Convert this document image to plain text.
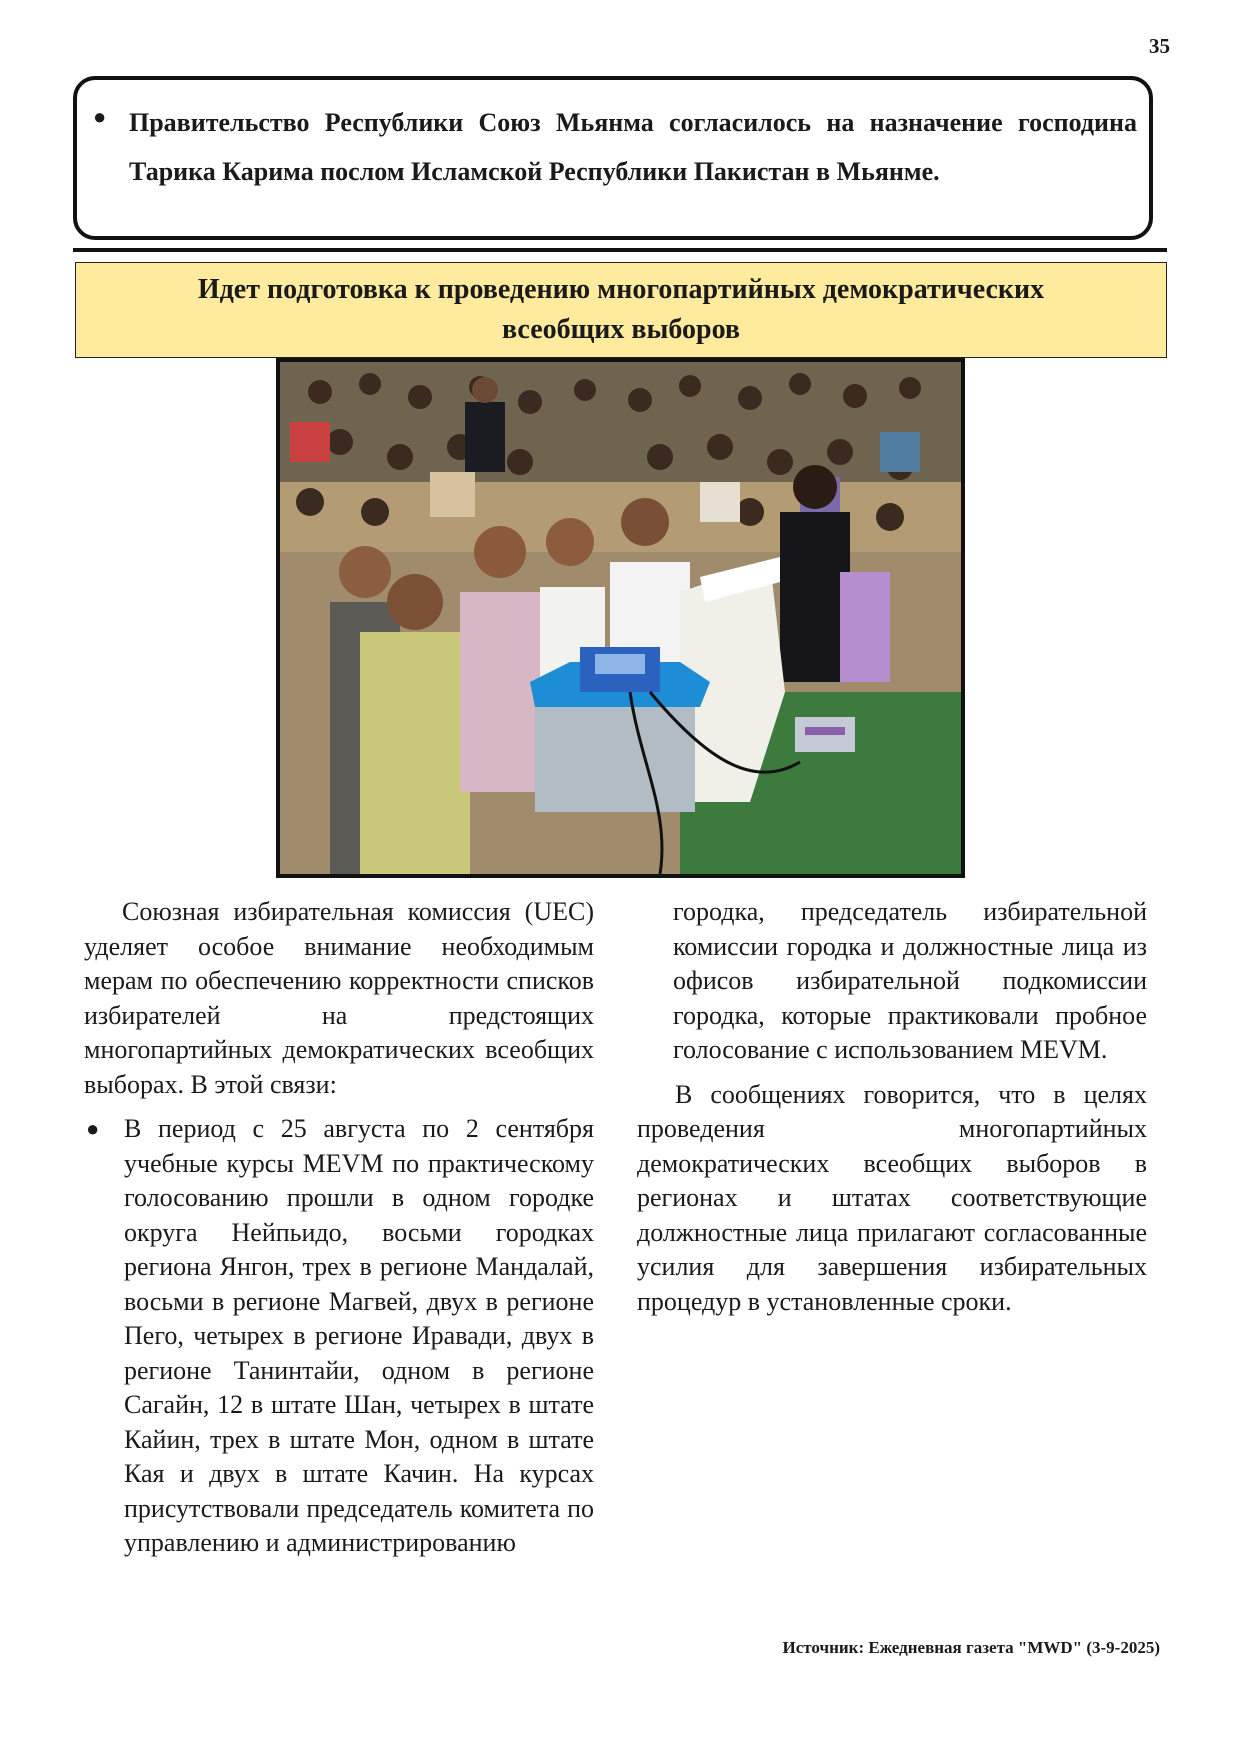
35
● Правительство Республики Союз Мьянма согласилось на назначение господина Тарика Карима послом Исламской Республики Пакистан в Мьянме.
Идет подготовка к проведению многопартийных демократических
всеобщих выборов

Союзная избирательная комиссия (UEC) уделяет особое внимание необходимым мерам по обеспечению корректности списков избирателей на предстоящих многопартийных демократических всеобщих выборах. В этой связи:

● В период с 25 августа по 2 сентября учебные курсы MEVM по практическому голосованию прошли в одном городке округа Нейпьидо, восьми городках региона Янгон, трех в регионе Мандалай, восьми в регионе Магвей, двух в регионе Пего, четырех в регионе Иравади, двух в регионе Танинтайи, одном в регионе Сагайн, 12 в штате Шан, четырех в штате Кайин, трех в штате Мон, одном в штате Кая и двух в штате Качин. На курсах присутствовали председатель комитета по управлению и администрированию

городка, председатель избирательной комиссии городка и должностные лица из офисов избирательной подкомиссии городка, которые практиковали пробное голосование с использованием MEVM.

В сообщениях говорится, что в целях проведения многопартийных демократических всеобщих выборов в регионах и штатах соответствующие должностные лица прилагают согласованные усилия для завершения избирательных процедур в установленные сроки.

Источник: Ежедневная газета "MWD" (3-9-2025)
